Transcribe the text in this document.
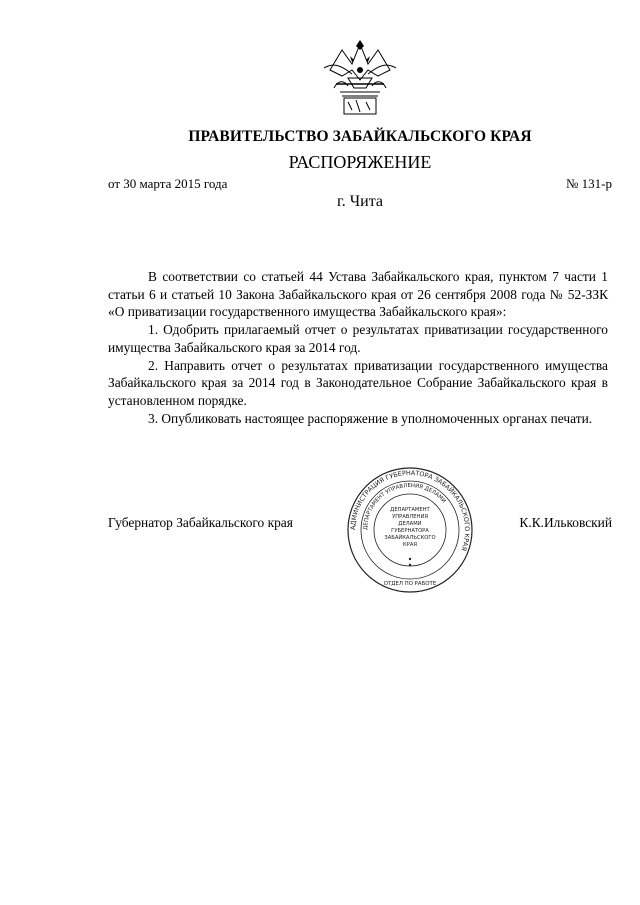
ПРАВИТЕЛЬСТВО ЗАБАЙКАЛЬСКОГО КРАЯ
РАСПОРЯЖЕНИЕ
от 30 марта 2015 года	№ 131-р
г. Чита

В соответствии со статьей 44 Устава Забайкальского края, пунктом 7 части 1 статьи 6 и статьей 10 Закона Забайкальского края от 26 сентября 2008 года № 52-ЗЗК «О приватизации государственного имущества Забайкальского края»:

1. Одобрить прилагаемый отчет о результатах приватизации государственного имущества Забайкальского края за 2014 год.

2. Направить отчет о результатах приватизации государственного имущества Забайкальского края за 2014 год в Законодательное Собрание Забайкальского края в установленном порядке.

3. Опубликовать настоящее распоряжение в уполномоченных органах печати.

Губернатор Забайкальского края	К.К.Ильковский
АДМИНИСТРАЦИЯ ГУБЕРНАТОРА ЗАБАЙКАЛЬСКОГО КРАЯ
ДЕПАРТАМЕНТ УПРАВЛЕНИЯ ДЕЛАМИ
ДЕПАРТАМЕНТ
УПРАВЛЕНИЯ
ДЕЛАМИ
ГУБЕРНАТОРА
ЗАБАЙКАЛЬСКОГО
КРАЯ
ОТДЕЛ ПО РАБОТЕ
